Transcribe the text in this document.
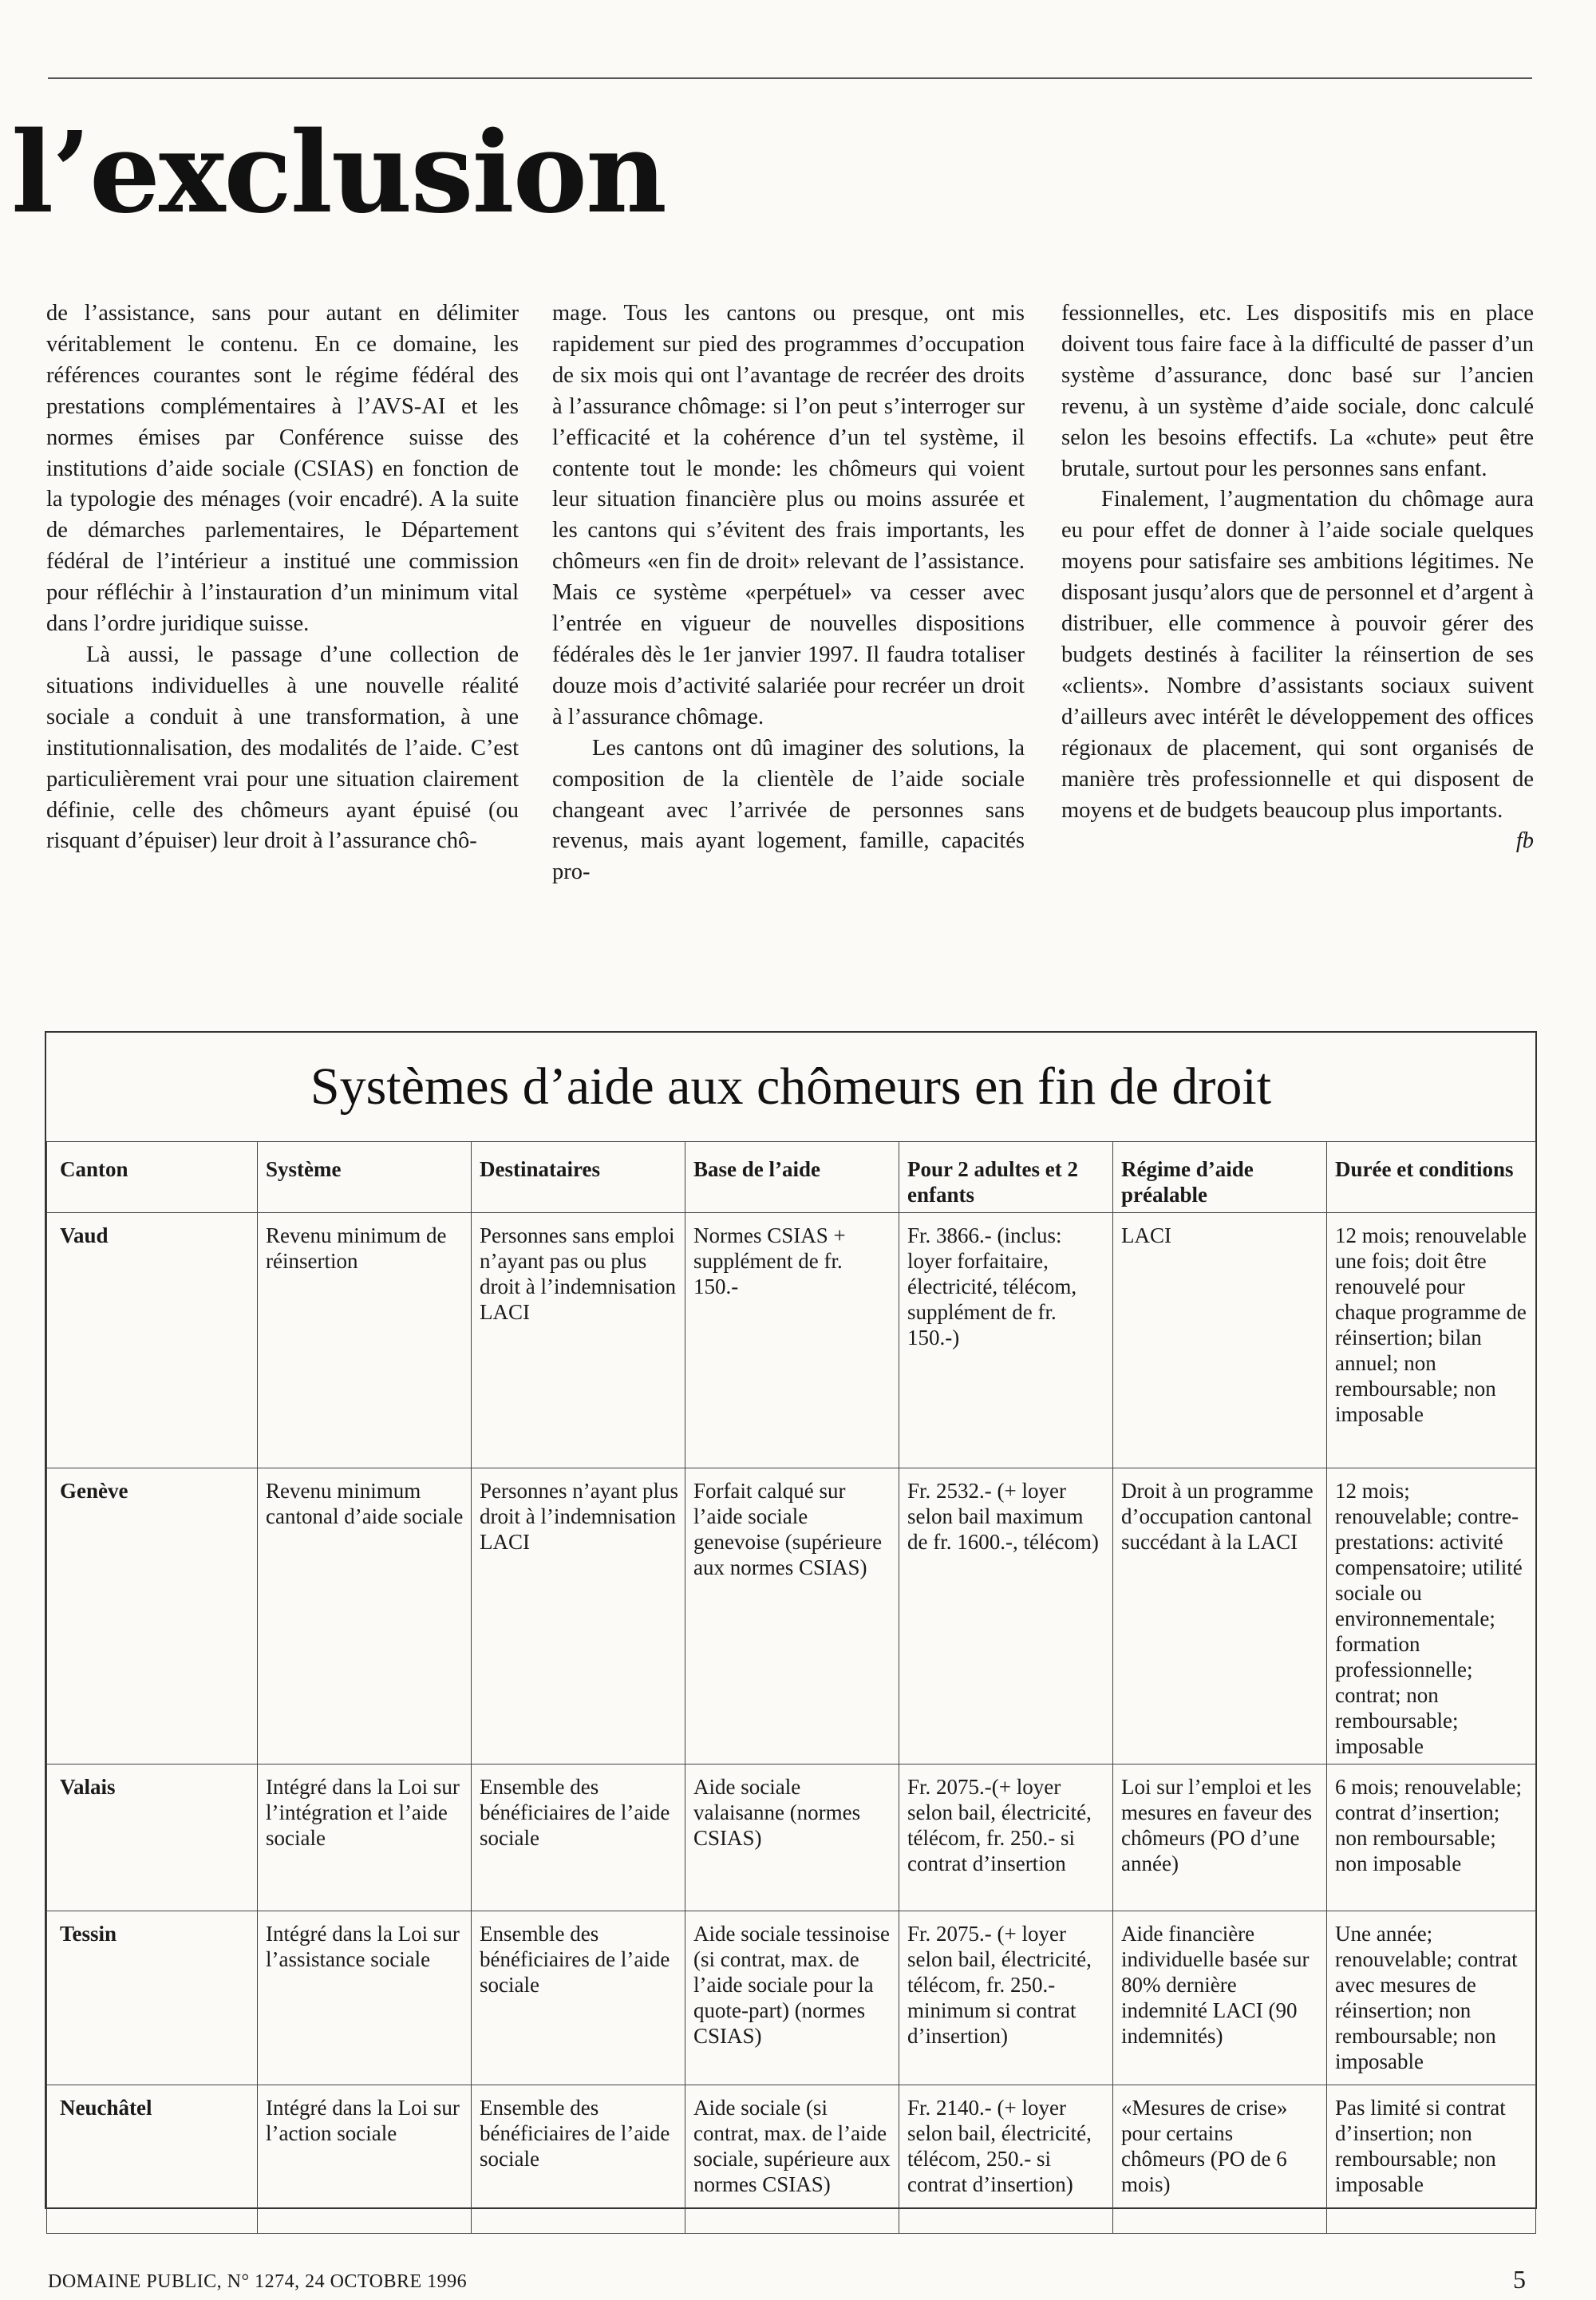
l’exclusion

de l’assistance, sans pour autant en délimiter véritablement le contenu. En ce domaine, les références courantes sont le régime fédéral des prestations complémentaires à l’AVS-AI et les normes émises par Conférence suisse des institutions d’aide sociale (CSIAS) en fonction de la typologie des ménages (voir encadré). A la suite de démarches parlementaires, le Département fédéral de l’intérieur a institué une commission pour réfléchir à l’instauration d’un minimum vital dans l’ordre juridique suisse.

Là aussi, le passage d’une collection de situations individuelles à une nouvelle réalité sociale a conduit à une transformation, à une institutionnalisation, des modalités de l’aide. C’est particulièrement vrai pour une situation clairement définie, celle des chômeurs ayant épuisé (ou risquant d’épuiser) leur droit à l’assurance chô-

mage. Tous les cantons ou presque, ont mis rapidement sur pied des programmes d’occupation de six mois qui ont l’avantage de recréer des droits à l’assurance chômage: si l’on peut s’interroger sur l’efficacité et la cohérence d’un tel système, il contente tout le monde: les chômeurs qui voient leur situation financière plus ou moins assurée et les cantons qui s’évitent des frais importants, les chômeurs «en fin de droit» relevant de l’assistance. Mais ce système «perpétuel» va cesser avec l’entrée en vigueur de nouvelles dispositions fédérales dès le 1er janvier 1997. Il faudra totaliser douze mois d’activité salariée pour recréer un droit à l’assurance chômage.

Les cantons ont dû imaginer des solutions, la composition de la clientèle de l’aide sociale changeant avec l’arrivée de personnes sans revenus, mais ayant logement, famille, capacités pro-

fessionnelles, etc. Les dispositifs mis en place doivent tous faire face à la difficulté de passer d’un système d’assurance, donc basé sur l’ancien revenu, à un système d’aide sociale, donc calculé selon les besoins effectifs. La «chute» peut être brutale, surtout pour les personnes sans enfant.

Finalement, l’augmentation du chômage aura eu pour effet de donner à l’aide sociale quelques moyens pour satisfaire ses ambitions légitimes. Ne disposant jusqu’alors que de personnel et d’argent à distribuer, elle commence à pouvoir gérer des budgets destinés à faciliter la réinsertion de ses «clients». Nombre d’assistants sociaux suivent d’ailleurs avec intérêt le développement des offices régionaux de placement, qui sont organisés de manière très professionnelle et qui disposent de moyens et de budgets beaucoup plus importants.
fb

Systèmes d’aide aux chômeurs en fin de droit
Canton	Système	Destinataires	Base de l’aide	Pour 2 adultes et 2 enfants	Régime d’aide préalable	Durée et conditions
Vaud	Revenu minimum de réinsertion	Personnes sans emploi n’ayant pas ou plus droit à l’indemnisation LACI	Normes CSIAS + supplément de fr. 150.-	Fr. 3866.- (inclus: loyer forfaitaire, électricité, télécom, supplément de fr. 150.-)	LACI	12 mois; renouvelable une fois; doit être renouvelé pour chaque programme de réinsertion; bilan annuel; non remboursable; non imposable
Genève	Revenu minimum cantonal d’aide sociale	Personnes n’ayant plus droit à l’indemnisation LACI	Forfait calqué sur l’aide sociale genevoise (supérieure aux normes CSIAS)	Fr. 2532.- (+ loyer selon bail maximum de fr. 1600.-, télécom)	Droit à un programme d’occupation cantonal succédant à la LACI	12 mois; renouvelable; contre-prestations: activité compensatoire; utilité sociale ou environnementale; formation professionnelle; contrat; non remboursable; imposable
Valais	Intégré dans la Loi sur l’intégration et l’aide sociale	Ensemble des bénéficiaires de l’aide sociale	Aide sociale valaisanne (normes CSIAS)	Fr. 2075.-(+ loyer selon bail, électricité, télécom, fr. 250.- si contrat d’insertion	Loi sur l’emploi et les mesures en faveur des chômeurs (PO d’une année)	6 mois; renouvelable; contrat d’insertion; non remboursable; non imposable
Tessin	Intégré dans la Loi sur l’assistance sociale	Ensemble des bénéficiaires de l’aide sociale	Aide sociale tessinoise (si contrat, max. de l’aide sociale pour la quote-part) (normes CSIAS)	Fr. 2075.- (+ loyer selon bail, électricité, télécom, fr. 250.- minimum si contrat d’insertion)	Aide financière individuelle basée sur 80% dernière indemnité LACI (90 indemnités)	Une année; renouvelable; contrat avec mesures de réinsertion; non remboursable; non imposable
Neuchâtel	Intégré dans la Loi sur l’action sociale	Ensemble des bénéficiaires de l’aide sociale	Aide sociale (si contrat, max. de l’aide sociale, supérieure aux normes CSIAS)	Fr. 2140.- (+ loyer selon bail, électricité, télécom, 250.- si contrat d’insertion)	«Mesures de crise» pour certains chômeurs (PO de 6 mois)	Pas limité si contrat d’insertion; non remboursable; non imposable
DOMAINE PUBLIC, N° 1274, 24 OCTOBRE 1996	5
